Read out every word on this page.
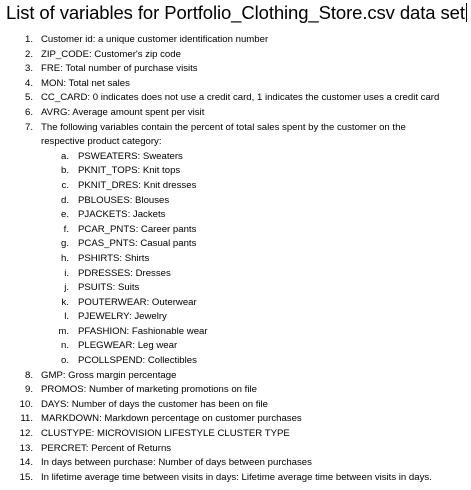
List of variables for Portfolio_Clothing_Store.csv data set
1. Customer id: a unique customer identification number
2. ZIP_CODE: Customer's zip code
3. FRE: Total number of purchase visits
4. MON: Total net sales
5. CC_CARD: 0 indicates does not use a credit card, 1 indicates the customer uses a credit card
6. AVRG: Average amount spent per visit
7. The following variables contain the percent of total sales spent by the customer on the
respective product category:
a. PSWEATERS: Sweaters
b. PKNIT_TOPS: Knit tops
c. PKNIT_DRES: Knit dresses
d. PBLOUSES: Blouses
e. PJACKETS: Jackets
f. PCAR_PNTS: Career pants
g. PCAS_PNTS: Casual pants
h. PSHIRTS: Shirts
i. PDRESSES: Dresses
j. PSUITS: Suits
k. POUTERWEAR: Outerwear
l. PJEWELRY: Jewelry
m. PFASHION: Fashionable wear
n. PLEGWEAR: Leg wear
o. PCOLLSPEND: Collectibles
8. GMP: Gross margin percentage
9. PROMOS: Number of marketing promotions on file
10. DAYS: Number of days the customer has been on file
11. MARKDOWN: Markdown percentage on customer purchases
12. CLUSTYPE: MICROVISION LIFESTYLE CLUSTER TYPE
13. PERCRET: Percent of Returns
14. In days between purchase: Number of days between purchases
15. In lifetime average time between visits in days: Lifetime average time between visits in days.
